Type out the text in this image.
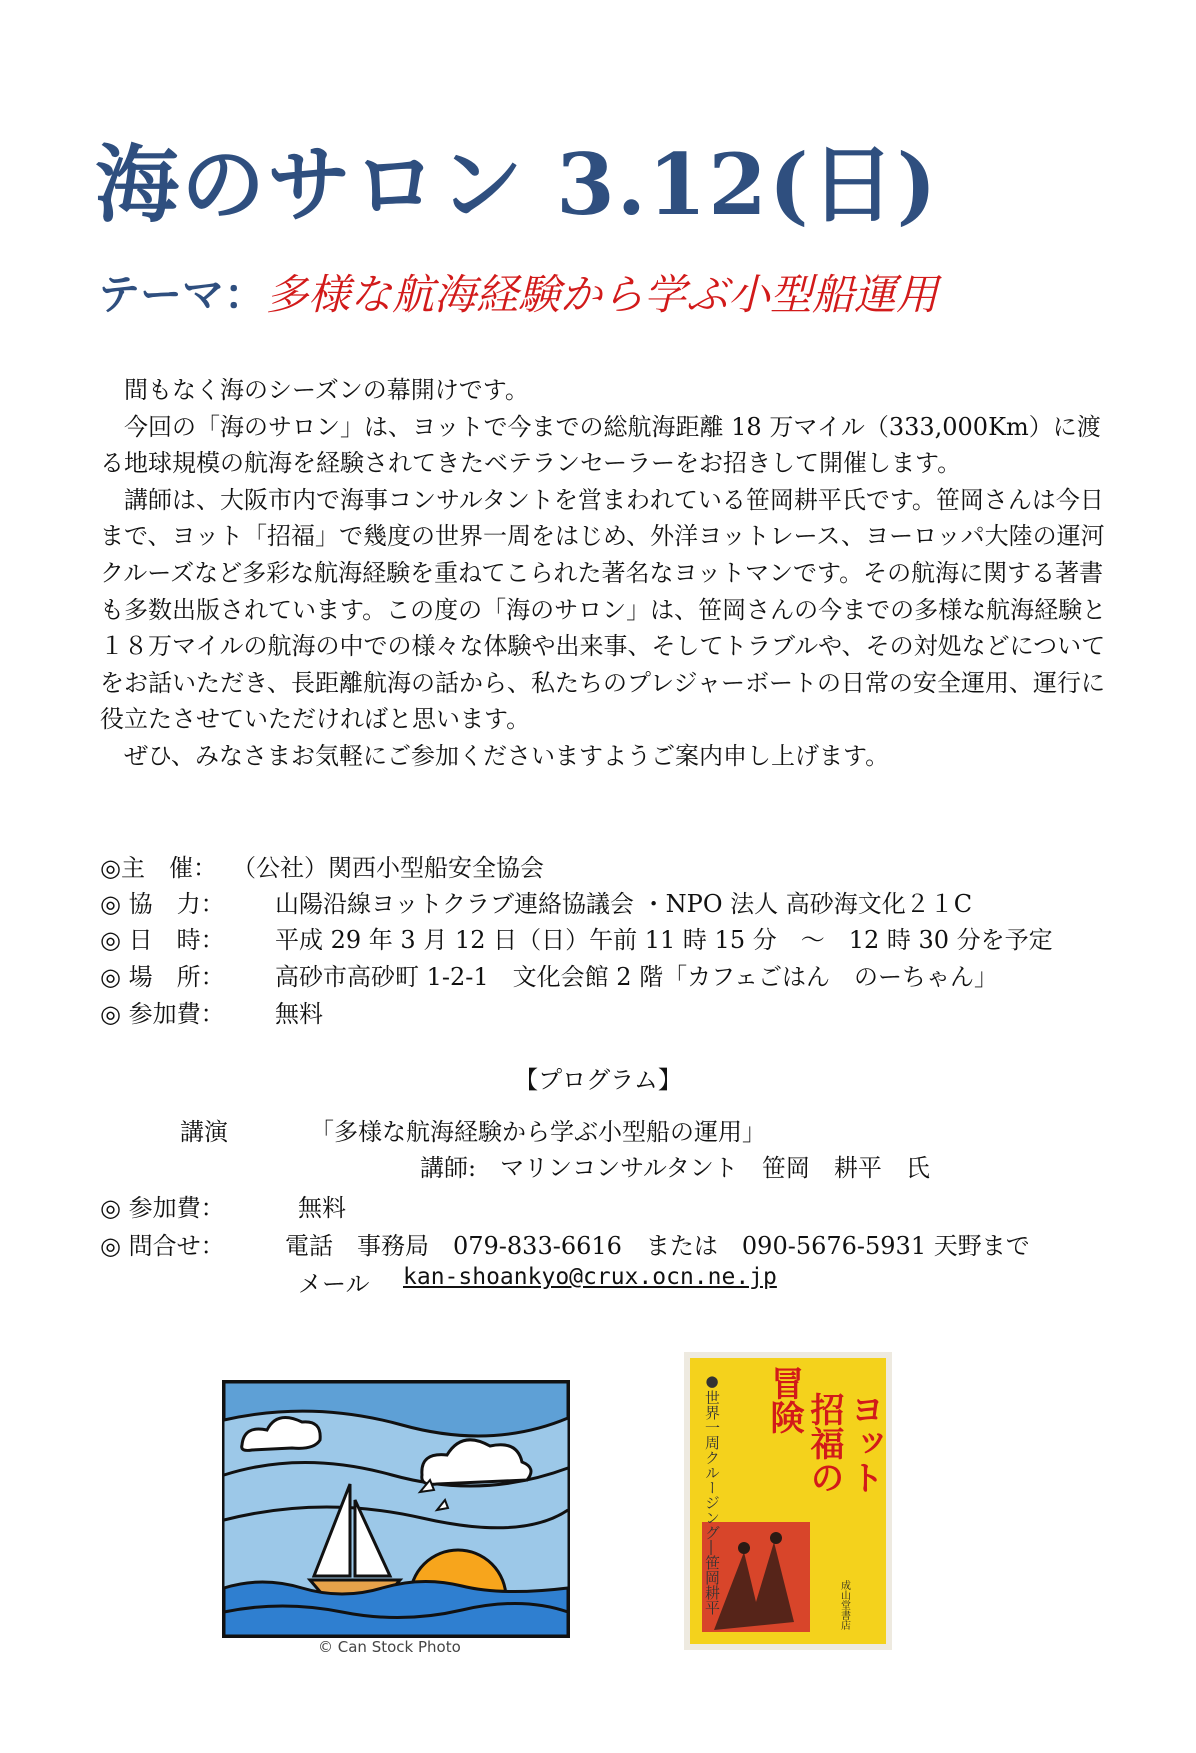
海のサロン 3.12(日)
テーマ：多様な航海経験から学ぶ小型船運用

間もなく海のシーズンの幕開けです。

今回の「海のサロン」は、ヨットで今までの総航海距離 18 万マイル（333,000Km）に渡る地球規模の航海を経験されてきたベテランセーラーをお招きして開催します。

講師は、大阪市内で海事コンサルタントを営まわれている笹岡耕平氏です。笹岡さんは今日まで、ヨット「招福」で幾度の世界一周をはじめ、外洋ヨットレース、ヨーロッパ大陸の運河クルーズなど多彩な航海経験を重ねてこられた著名なヨットマンです。その航海に関する著書も多数出版されています。この度の「海のサロン」は、笹岡さんの今までの多様な航海経験と１８万マイルの航海の中での様々な体験や出来事、そしてトラブルや、その対処などについてをお話いただき、長距離航海の話から、私たちのプレジャーボートの日常の安全運用、運行に役立たさせていただければと思います。

ぜひ、みなさまお気軽にご参加くださいますようご案内申し上げます。

◎主　催： （公社）関西小型船安全協会
◎ 協　力： 山陽沿線ヨットクラブ連絡協議会 ・NPO 法人 高砂海文化２１C
◎ 日　時： 平成 29 年 3 月 12 日（日）午前 11 時 15 分　～　12 時 30 分を予定
◎ 場　所： 高砂市高砂町 1-2-1　文化会館 2 階「カフェごはん　のーちゃん」
◎ 参加費： 無料
【プログラム】
講演	「多様な航海経験から学ぶ小型船の運用」
講師:　マリンコンサルタント　笹岡　耕平　氏
◎ 参加費：	無料
◎ 問合せ：	電話　事務局　079-833-6616　または　090-5676-5931 天野まで
メール kan-shoankyo@crux.ocn.ne.jp
© Can Stock Photo
ヨット
招福の
冒険
●世界一周クルージング―笹岡耕平	成山堂書店
